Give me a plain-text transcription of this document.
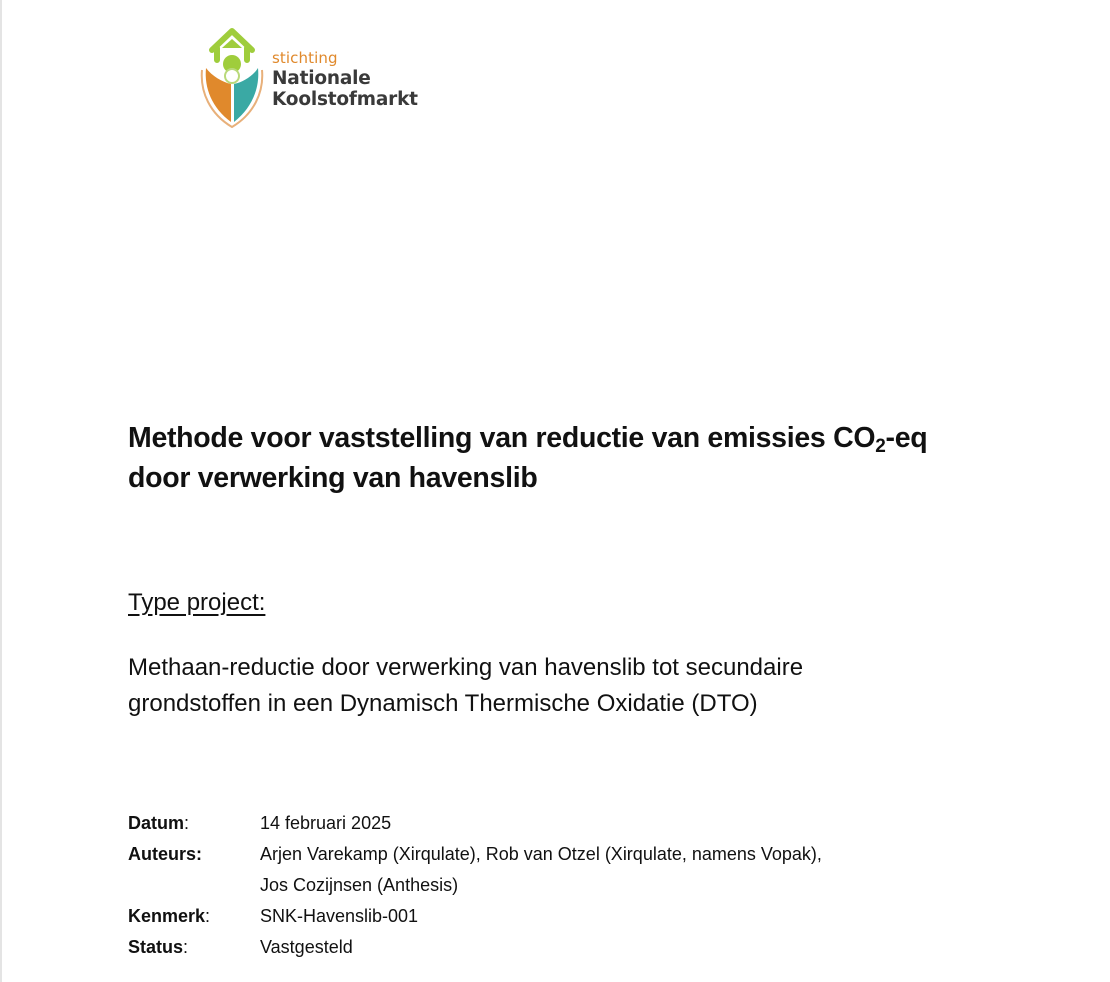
stichting
Nationale
Koolstofmarkt
Methode voor vaststelling van reductie van emissies $CO_2-eq$
door verwerking van havenslib
Type project:
Methaan-reductie door verwerking van havenslib tot secundaire
grondstoffen in een Dynamisch Thermische Oxidatie (DTO)
Datum:	14 februari 2025
Auteurs:	Arjen Varekamp (Xirqulate), Rob van Otzel (Xirqulate, namens Vopak),
Jos Cozijnsen (Anthesis)
Kenmerk:	SNK-Havenslib-001
Status:	Vastgesteld
